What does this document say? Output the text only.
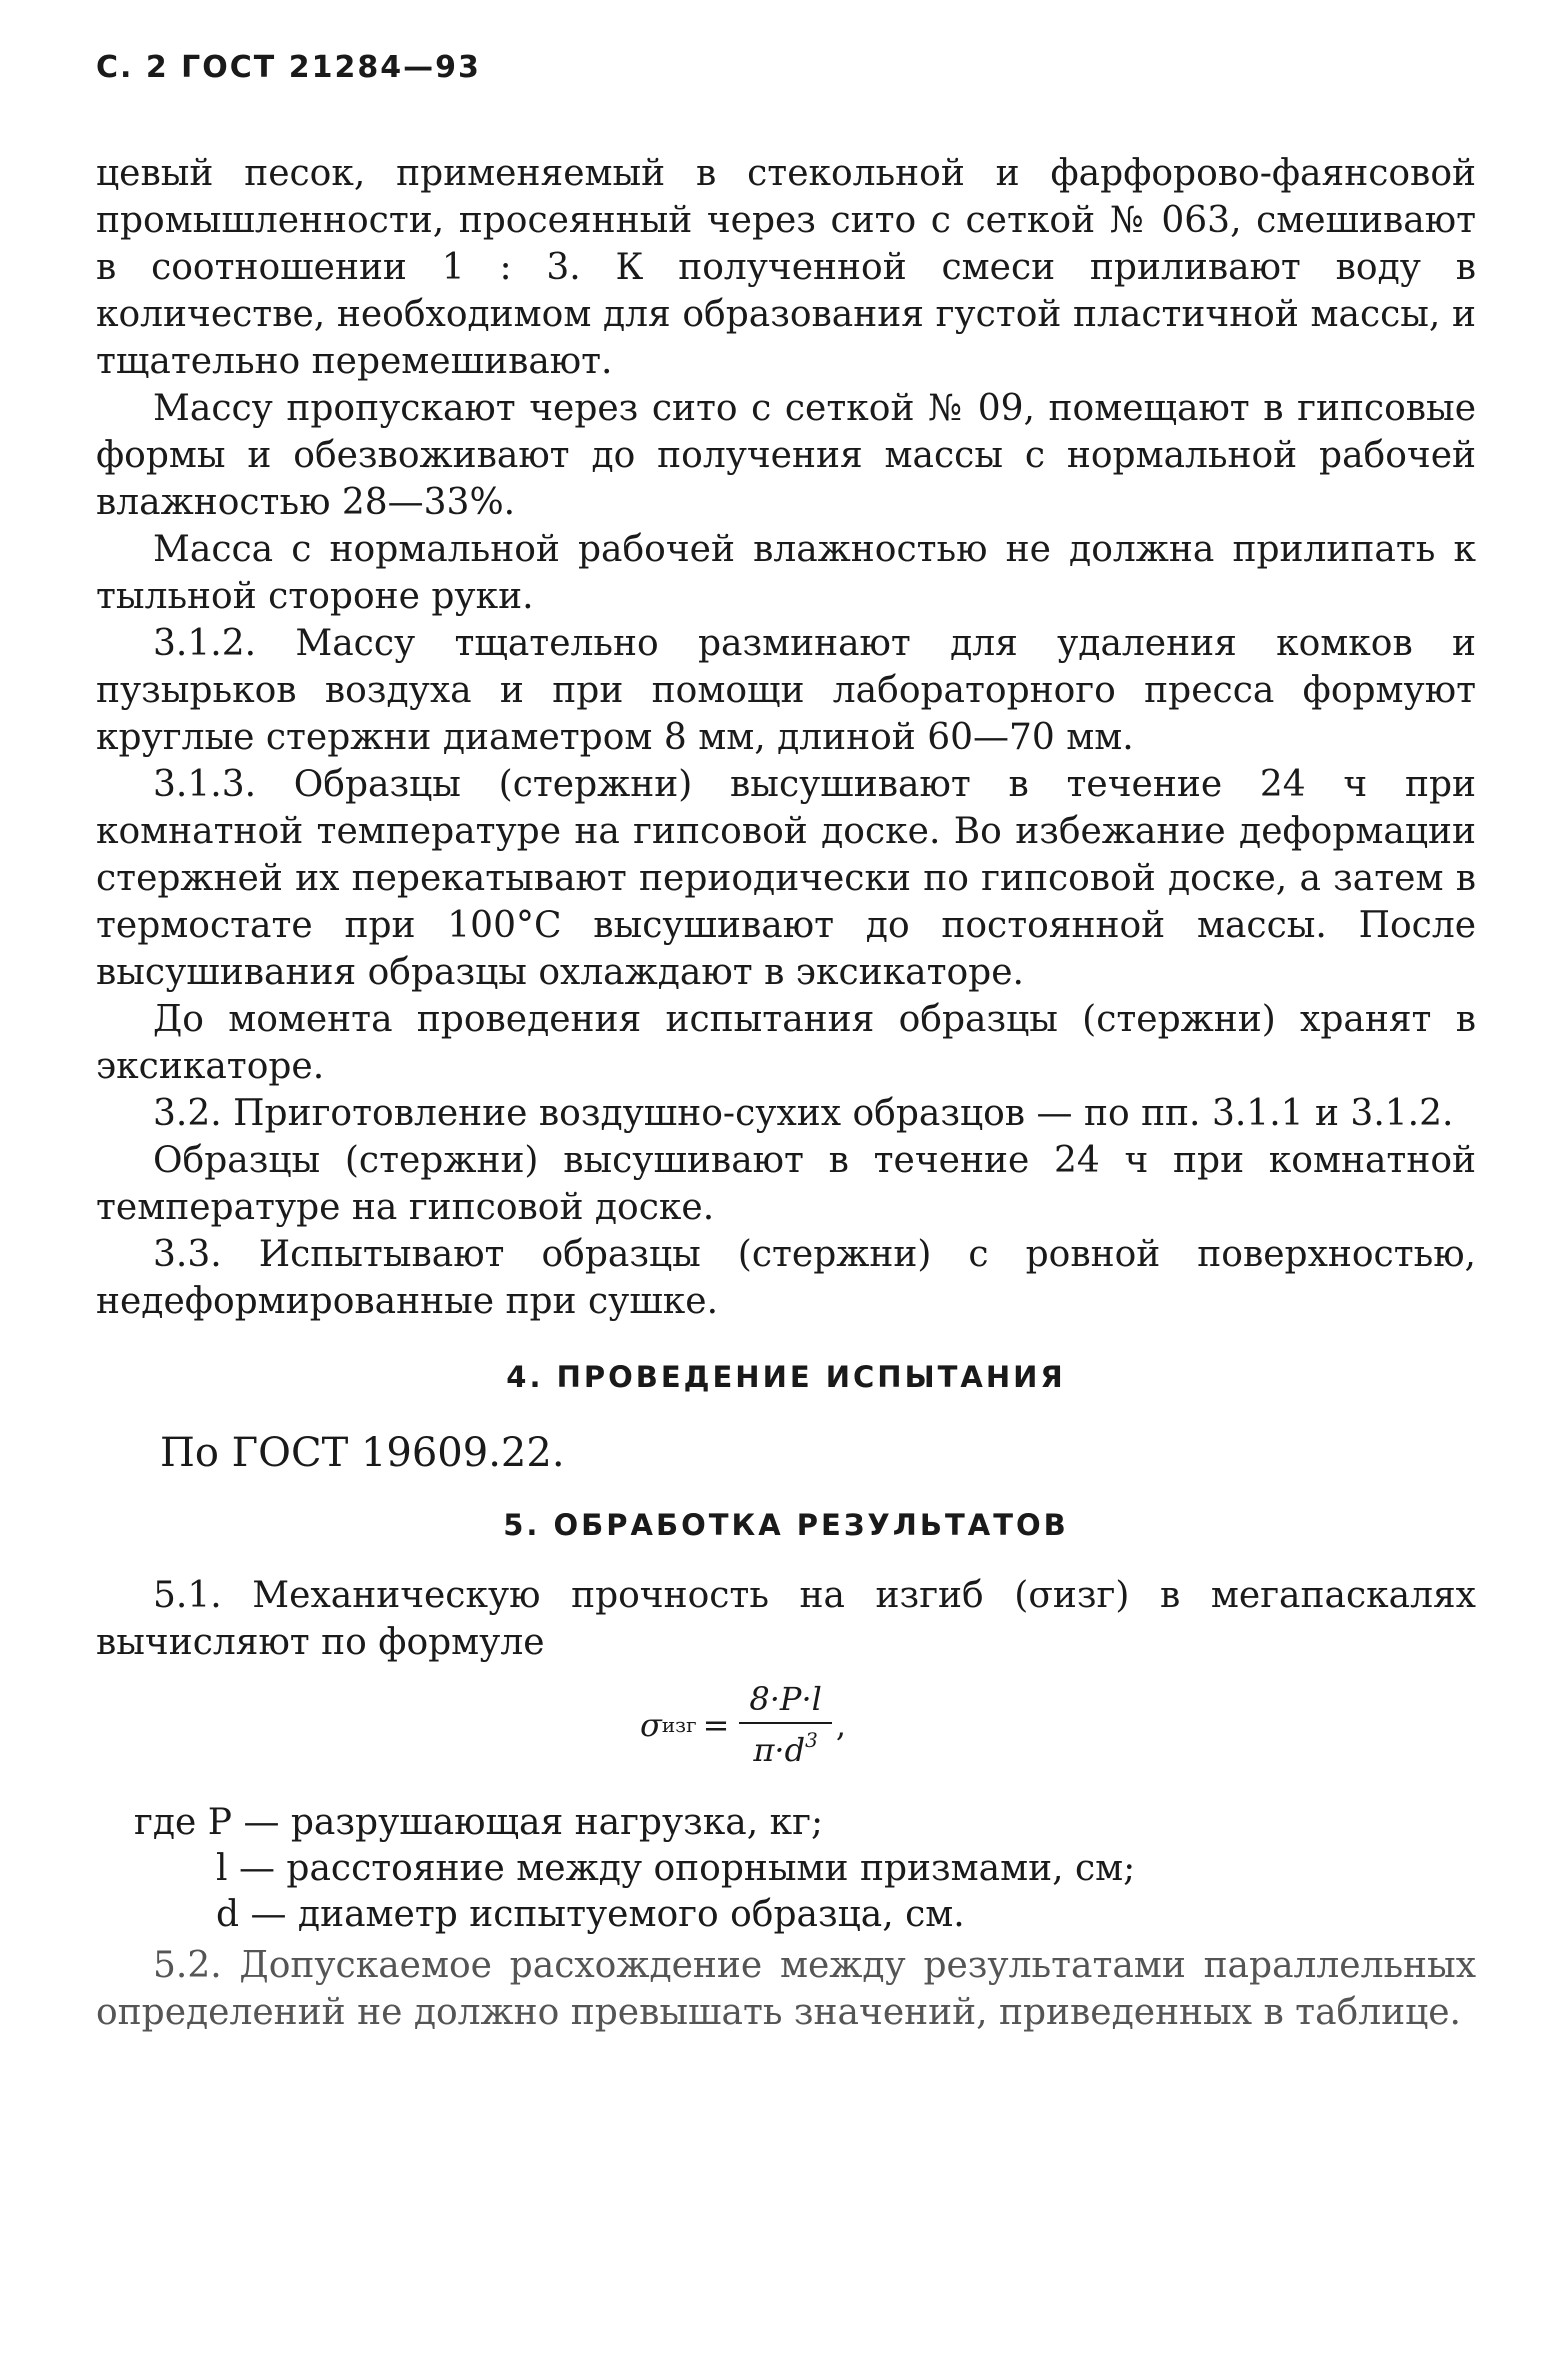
С. 2 ГОСТ 21284—93

цевый песок, применяемый в стекольной и фарфорово-фаянсовой промышленности, просеянный через сито с сеткой № 063, смешивают в соотношении 1 : 3. К полученной смеси приливают воду в количестве, необходимом для образования густой пластичной массы, и тщательно перемешивают.

Массу пропускают через сито с сеткой № 09, помещают в гипсовые формы и обезвоживают до получения массы с нормальной рабочей влажностью 28—33%.

Масса с нормальной рабочей влажностью не должна прилипать к тыльной стороне руки.

3.1.2. Массу тщательно разминают для удаления комков и пузырьков воздуха и при помощи лабораторного пресса формуют круглые стержни диаметром 8 мм, длиной 60—70 мм.

3.1.3. Образцы (стержни) высушивают в течение 24 ч при комнатной температуре на гипсовой доске. Во избежание деформации стержней их перекатывают периодически по гипсовой доске, а затем в термостате при 100°С высушивают до постоянной массы. После высушивания образцы охлаждают в эксикаторе.

До момента проведения испытания образцы (стержни) хранят в эксикаторе.

3.2. Приготовление воздушно-сухих образцов — по пп. 3.1.1 и 3.1.2.

Образцы (стержни) высушивают в течение 24 ч при комнатной температуре на гипсовой доске.

3.3. Испытывают образцы (стержни) с ровной поверхностью, недеформированные при сушке.

4. ПРОВЕДЕНИЕ ИСПЫТАНИЯ
По ГОСТ 19609.22.
5. ОБРАБОТКА РЕЗУЛЬТАТОВ

5.1. Механическую прочность на изгиб (σизг) в мегапаскалях вычисляют по формуле

σ изг = $\frac{8\cdot P\cdot l}{\pi\cdot d^3}$ ,
где P — разрушающая нагрузка, кг;
l — расстояние между опорными призмами, см;
d — диаметр испытуемого образца, см.

5.2. Допускаемое расхождение между результатами параллельных определений не должно превышать значений, приведенных в таблице.
